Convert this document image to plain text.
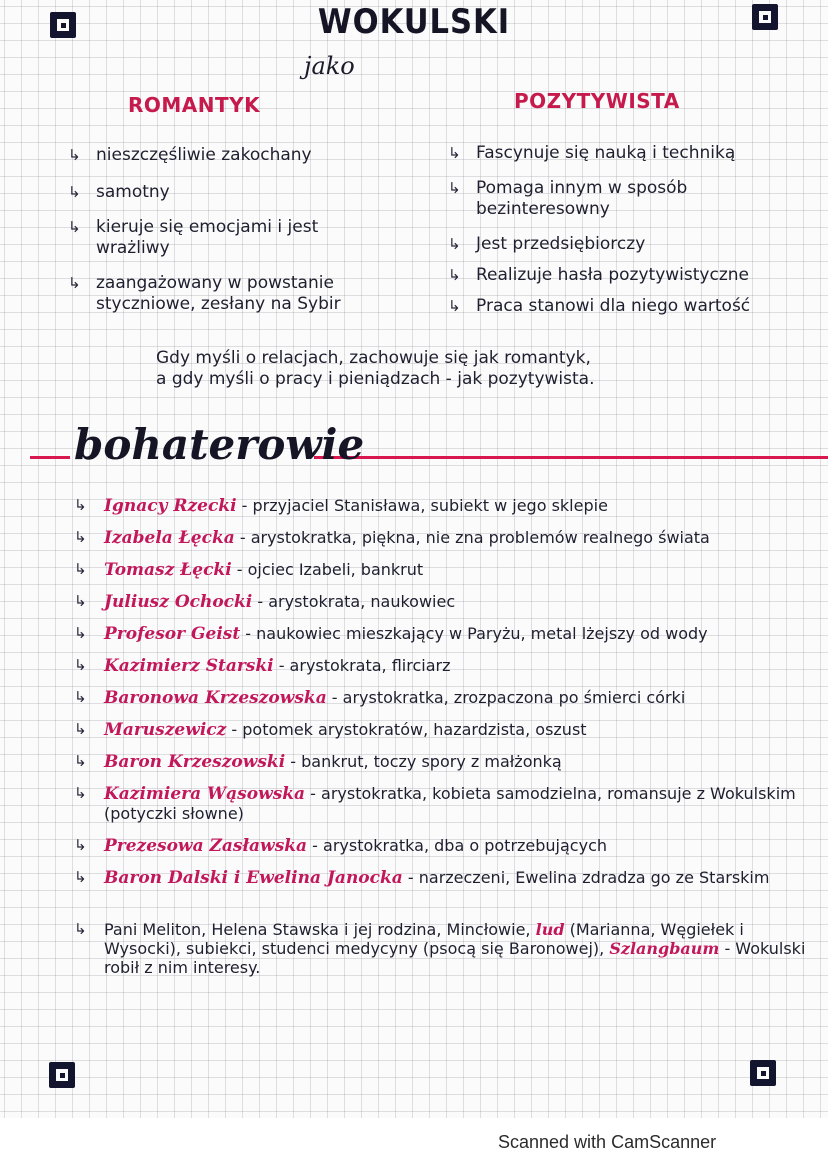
WOKULSKI
jako
ROMANTYK	POZYTYWISTA
↳ nieszczęśliwie zakochany
↳ samotny
↳ kieruje się emocjami i jest wrażliwy
↳ zaangażowany w powstanie styczniowe, zesłany na Sybir
↳ Fascynuje się nauką i techniką
↳ Pomaga innym w sposób bezinteresowny
↳ Jest przedsiębiorczy
↳ Realizuje hasła pozytywistyczne
↳ Praca stanowi dla niego wartość
Gdy myśli o relacjach, zachowuje się jak romantyk,
a gdy myśli o pracy i pieniądzach - jak pozytywista.
bohaterowie
↳ Ignacy Rzecki - przyjaciel Stanisława, subiekt w jego sklepie
↳ Izabela Łęcka - arystokratka, piękna, nie zna problemów realnego świata
↳ Tomasz Łęcki - ojciec Izabeli, bankrut
↳ Juliusz Ochocki - arystokrata, naukowiec
↳ Profesor Geist - naukowiec mieszkający w Paryżu, metal lżejszy od wody
↳ Kazimierz Starski - arystokrata, flirciarz
↳ Baronowa Krzeszowska - arystokratka, zrozpaczona po śmierci córki
↳ Maruszewicz - potomek arystokratów, hazardzista, oszust
↳ Baron Krzeszowski - bankrut, toczy spory z małżonką
↳ Kazimiera Wąsowska - arystokratka, kobieta samodzielna, romansuje z Wokulskim (potyczki słowne)
↳ Prezesowa Zasławska - arystokratka, dba o potrzebujących
↳ Baron Dalski i Ewelina Janocka - narzeczeni, Ewelina zdradza go ze Starskim
↳ Pani Meliton, Helena Stawska i jej rodzina, Mincłowie, lud (Marianna, Węgiełek i Wysocki), subiekci, studenci medycyny (psocą się Baronowej), Szlangbaum - Wokulski robił z nim interesy.
Scanned with CamScanner
